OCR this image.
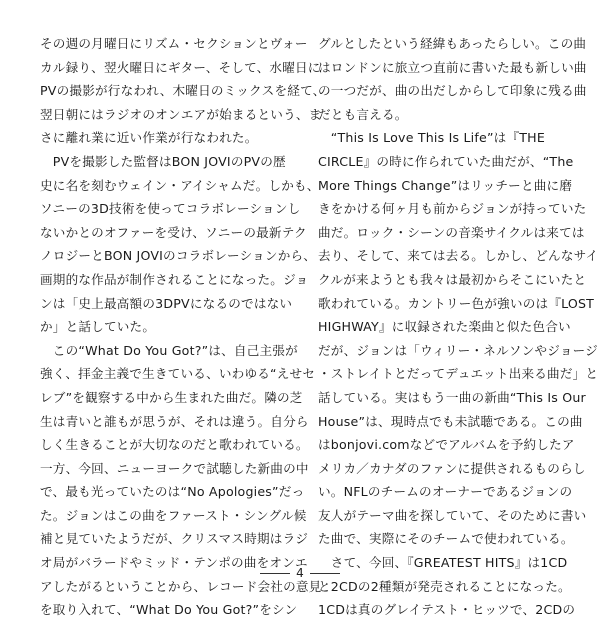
その週の月曜日にリズム・セクションとヴォー
カル録り、翌火曜日にギター、そして、水曜日に
PVの撮影が行なわれ、木曜日のミックスを経て、
翌日朝にはラジオのオンエアが始まるという、ま
さに離れ業に近い作業が行なわれた。
　PVを撮影した監督はBON JOVIのPVの歴
史に名を刻むウェイン・アイシャムだ。しかも、
ソニーの3D技術を使ってコラボレーションし
ないかとのオファーを受け、ソニーの最新テク
ノロジーとBON JOVIのコラボレーションから、
画期的な作品が制作されることになった。ジョ
ンは「史上最高額の3DPVになるのではない
か」と話していた。
　この“What Do You Got?”は、自己主張が
強く、拝金主義で生きている、いわゆる“えせセ
レブ”を観察する中から生まれた曲だ。隣の芝
生は青いと誰もが思うが、それは違う。自分ら
しく生きることが大切なのだと歌われている。
一方、今回、ニューヨークで試聴した新曲の中
で、最も光っていたのは“No Apologies”だっ
た。ジョンはこの曲をファースト・シングル候
補と見ていたようだが、クリスマス時期はラジ
オ局がバラードやミッド・テンポの曲をオンエ
アしたがるということから、レコード会社の意見
を取り入れて、“What Do You Got?”をシン
グルとしたという経緯もあったらしい。この曲
はロンドンに旅立つ直前に書いた最も新しい曲
の一つだが、曲の出だしからして印象に残る曲
だとも言える。
　“This Is Love This Is Life”は『THE
CIRCLE』の時に作られていた曲だが、“The
More Things Change”はリッチーと曲に磨
きをかける何ヶ月も前からジョンが持っていた
曲だ。ロック・シーンの音楽サイクルは来ては
去り、そして、来ては去る。しかし、どんなサイ
クルが来ようとも我々は最初からそこにいたと
歌われている。カントリー色が強いのは『LOST
HIGHWAY』に収録された楽曲と似た色合い
だが、ジョンは「ウィリー・ネルソンやジョージ
・ストレイトとだってデュエット出来る曲だ」と
話している。実はもう一曲の新曲“This Is Our
House”は、現時点でも未試聴である。この曲
はbonjovi.comなどでアルバムを予約したア
メリカ／カナダのファンに提供されるものらし
い。NFLのチームのオーナーであるジョンの
友人がテーマ曲を探していて、そのために書い
た曲で、実際にそのチームで使われている。
　さて、今回、『GREATEST HITS』は1CD
と2CDの2種類が発売されることになった。
1CDは真のグレイテスト・ヒッツで、2CDの
4
